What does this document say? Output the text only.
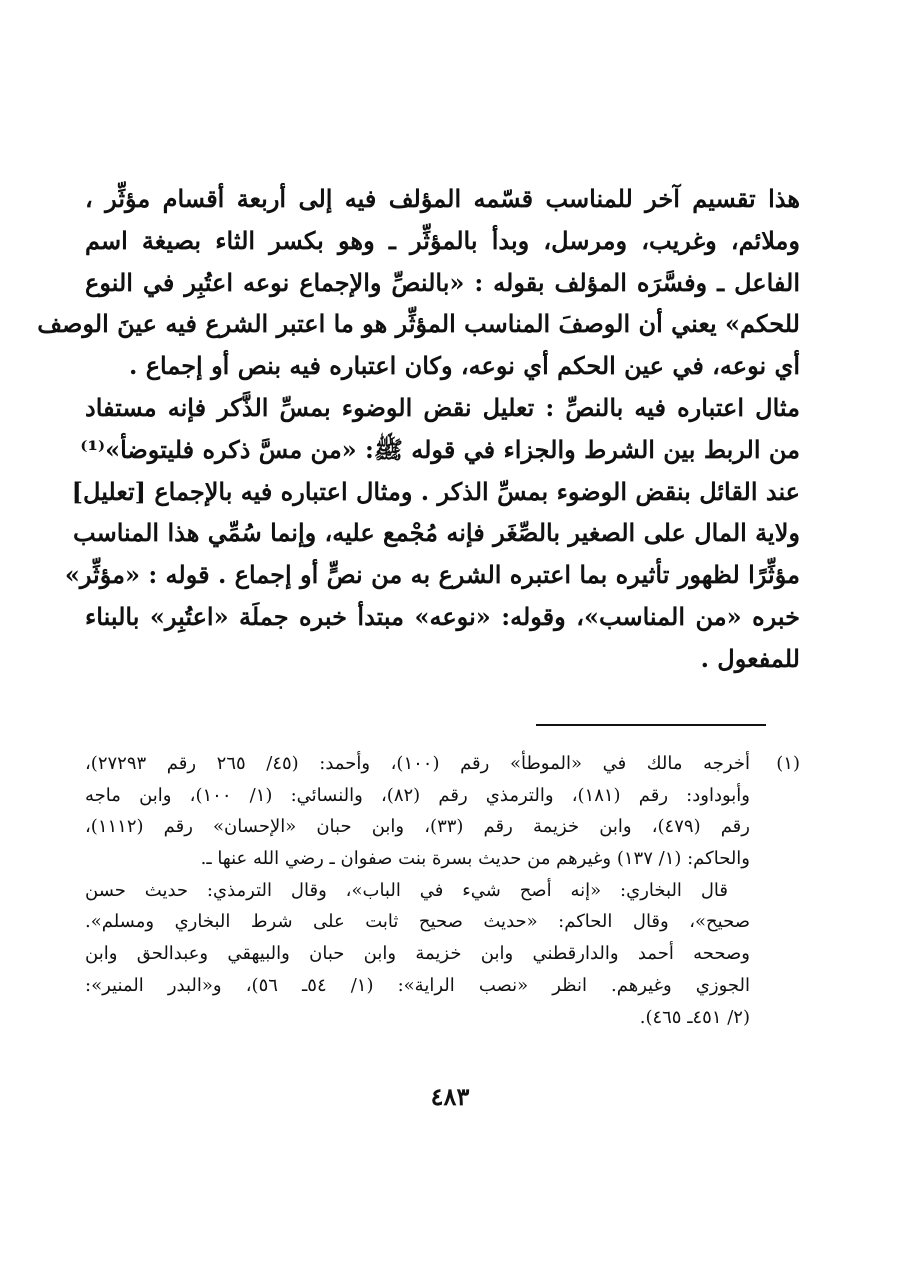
هذا تقسيم آخر للمناسب قسّمه المؤلف فيه إلى أربعة أقسام مؤثِّر ،
وملائم، وغريب، ومرسل، وبدأ بالمؤثِّر ـ وهو بكسر الثاء بصيغة اسم
الفاعل ـ وفسَّرَه المؤلف بقوله : «بالنصِّ والإجماع نوعه اعتُبِر في النوع
للحكم» يعني أن الوصفَ المناسب المؤثِّر هو ما اعتبر الشرع فيه عينَ الوصف
أي نوعه، في عين الحكم أي نوعه، وكان اعتباره فيه بنص أو إجماع .
مثال اعتباره فيه بالنصِّ : تعليل نقض الوضوء بمسِّ الذَّكر فإنه مستفاد
من الربط بين الشرط والجزاء في قوله ﷺ: «من مسَّ ذكره فليتوضأ»⁽¹⁾
عند القائل بنقض الوضوء بمسِّ الذكر . ومثال اعتباره فيه بالإجماع [تعليل]
ولاية المال على الصغير بالصِّغَر فإنه مُجْمع عليه، وإنما سُمِّي هذا المناسب
مؤثِّرًا لظهور تأثيره بما اعتبره الشرع به من نصٍّ أو إجماع . قوله : «مؤثِّر»
خبره «من المناسب»، وقوله: «نوعه» مبتدأ خبره جملَة «اعتُبِر» بالبناء
للمفعول .
(١)
أخرجه مالك في «الموطأ» رقم (١٠٠)، وأحمد: (٤٥/ ٢٦٥ رقم ٢٧٢٩٣)،
وأبوداود: رقم (١٨١)، والترمذي رقم (٨٢)، والنسائي: (١/ ١٠٠)، وابن ماجه
رقم (٤٧٩)، وابن خزيمة رقم (٣٣)، وابن حبان «الإحسان» رقم (١١١٢)،
والحاكم: (١/ ١٣٧) وغيرهم من حديث بسرة بنت صفوان ـ رضي الله عنها ـ.
قال البخاري: «إنه أصح شيء في الباب»، وقال الترمذي: حديث حسن
صحيح»، وقال الحاكم: «حديث صحيح ثابت على شرط البخاري ومسلم».
وصححه أحمد والدارقطني وابن خزيمة وابن حبان والبيهقي وعبدالحق وابن
الجوزي وغيرهم. انظر «نصب الراية»: (١/ ٥٤ـ ٥٦)، و«البدر المنير»:
(٢/ ٤٥١ـ ٤٦٥).
٤٨٣
